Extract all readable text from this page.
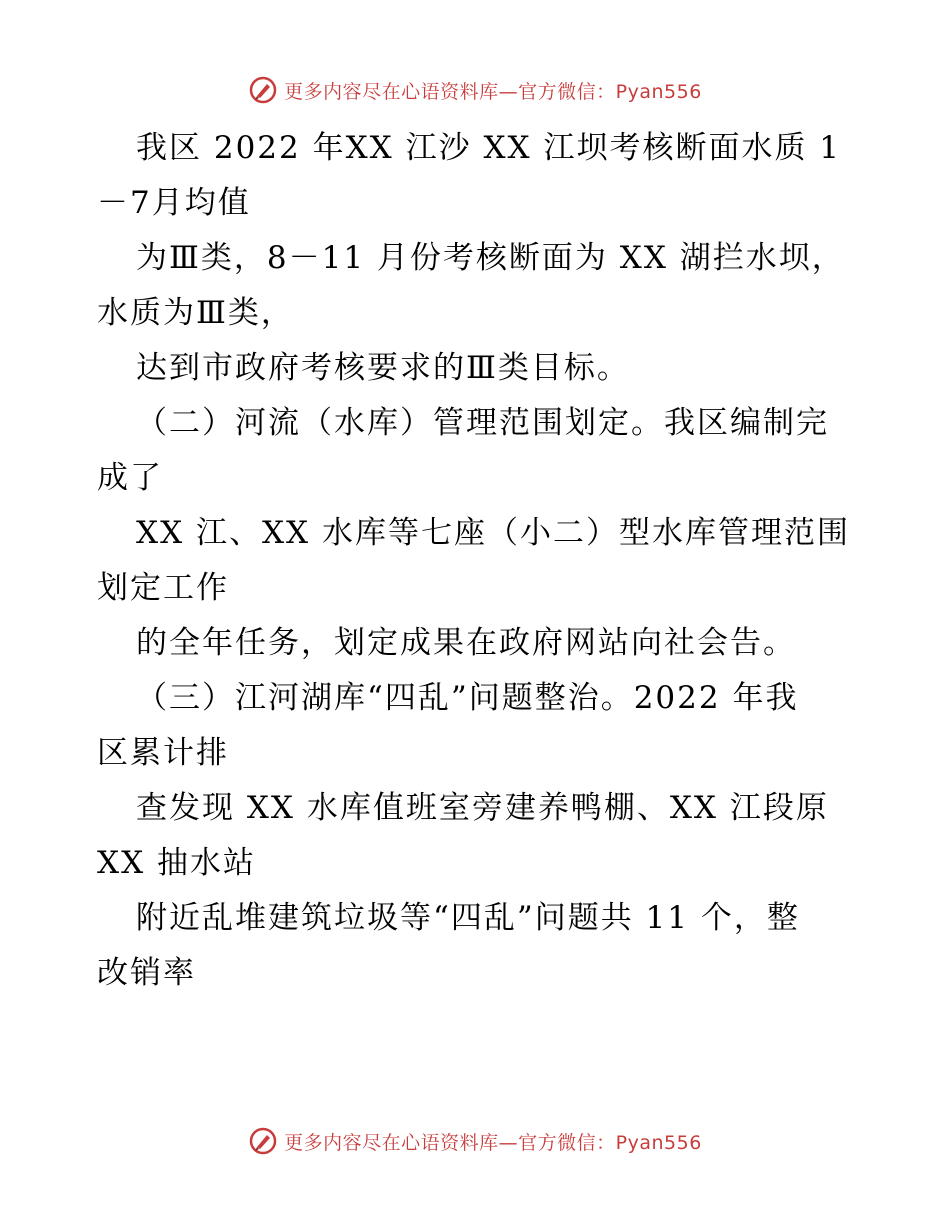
更多内容尽在心语资料库—官方微信：Pyan556
我区 2022 年XX 江沙 XX 江坝考核断面水质 1
－7月均值
为Ⅲ类，8－11 月份考核断面为 XX 湖拦水坝，
水质为Ⅲ类，
达到市政府考核要求的Ⅲ类目标。
（二）河流（水库）管理范围划定。我区编制完
成了
XX 江、XX 水库等七座（小二）型水库管理范围
划定工作
的全年任务，划定成果在政府网站向社会告。
（三）江河湖库“四乱”问题整治。2022 年我
区累计排
查发现 XX 水库值班室旁建养鸭棚、XX 江段原
XX 抽水站
附近乱堆建筑垃圾等“四乱”问题共 11 个，整
改销率
更多内容尽在心语资料库—官方微信：Pyan556
